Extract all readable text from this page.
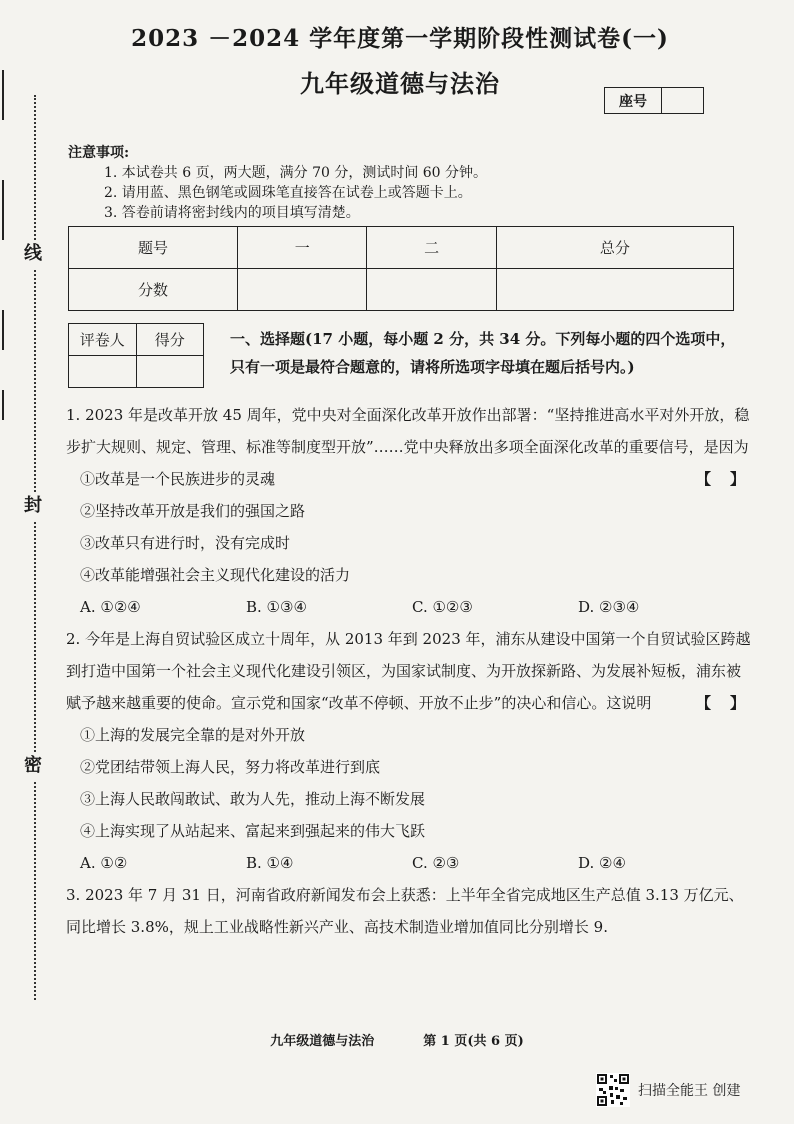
线
封
密
2023 －2024 学年度第一学期阶段性测试卷(一)
九年级道德与法治
座号
注意事项:
1. 本试卷共 6 页，两大题，满分 70 分，测试时间 60 分钟。
2. 请用蓝、黑色钢笔或圆珠笔直接答在试卷上或答题卡上。
3. 答卷前请将密封线内的项目填写清楚。
题号	一	二	总分
分数			
评卷人	得分
		一、选择题(17 小题，每小题 2 分，共 34 分。下列每小题的四个选项中，只有一项是最符合题意的，请将所选项字母填在题后括号内。)
1. 2023 年是改革开放 45 周年，党中央对全面深化改革开放作出部署：“坚持推进高水平对外开放，稳步扩大规则、规定、管理、标准等制度型开放”……党中央释放出多项全面深化改革的重要信号，是因为
【　】
①改革是一个民族进步的灵魂
②坚持改革开放是我们的强国之路
③改革只有进行时，没有完成时
④改革能增强社会主义现代化建设的活力
A. ①②④	B. ①③④	C. ①②③	D. ②③④
2. 今年是上海自贸试验区成立十周年，从 2013 年到 2023 年，浦东从建设中国第一个自贸试验区跨越到打造中国第一个社会主义现代化建设引领区，为国家试制度、为开放探新路、为发展补短板，浦东被赋予越来越重要的使命。宣示党和国家“改革不停顿、开放不止步”的决心和信心。这说明	【　】
①上海的发展完全靠的是对外开放
②党团结带领上海人民，努力将改革进行到底
③上海人民敢闯敢试、敢为人先，推动上海不断发展
④上海实现了从站起来、富起来到强起来的伟大飞跃
A. ①②	B. ①④	C. ②③	D. ②④
3. 2023 年 7 月 31 日，河南省政府新闻发布会上获悉：上半年全省完成地区生产总值 3.13 万亿元、同比增长 3.8%，规上工业战略性新兴产业、高技术制造业增加值同比分别增长 9.
九年级道德与法治	第 1 页(共 6 页)
扫描全能王 创建
